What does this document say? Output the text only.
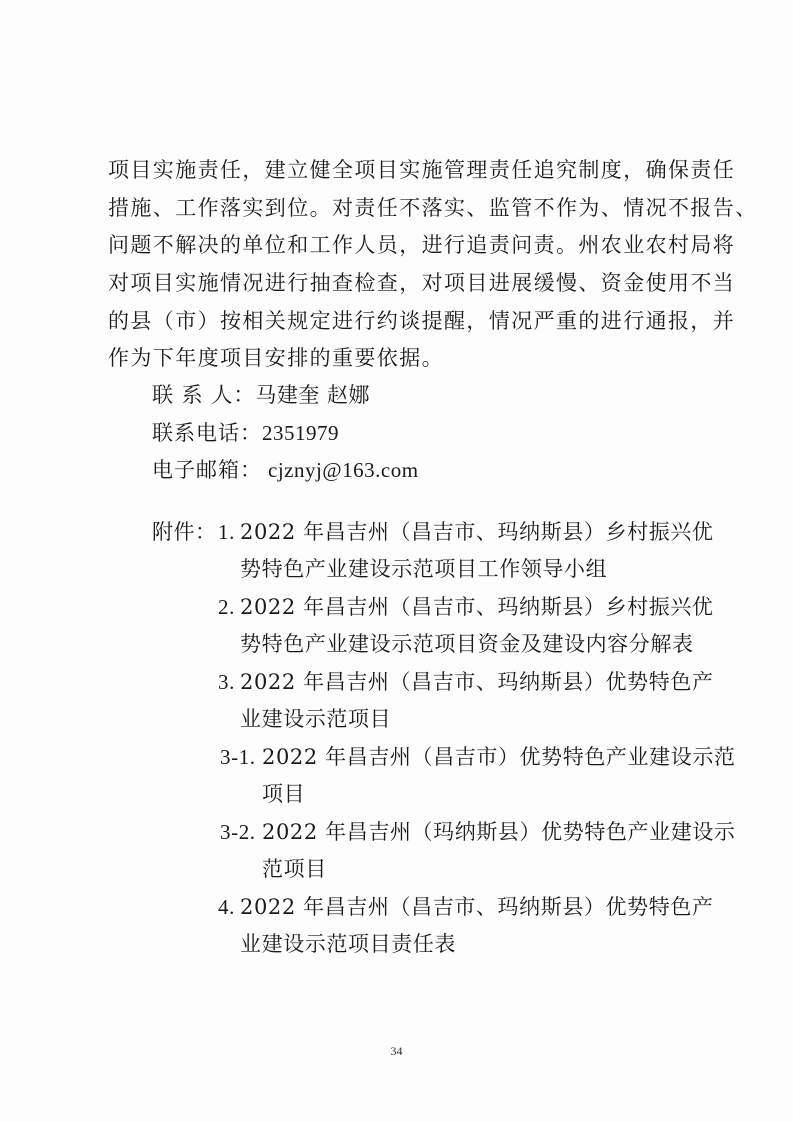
项目实施责任，建立健全项目实施管理责任追究制度，确保责任
措施、工作落实到位。对责任不落实、监管不作为、情况不报告、
问题不解决的单位和工作人员，进行追责问责。州农业农村局将
对项目实施情况进行抽查检查，对项目进展缓慢、资金使用不当
的县（市）按相关规定进行约谈提醒，情况严重的进行通报，并
作为下年度项目安排的重要依据。
联 系 人：马建奎 赵娜
联系电话：2351979
电子邮箱： cjznyj@163.com
附件： 1. 2022 年昌吉州（昌吉市、玛纳斯县）乡村振兴优
势特色产业建设示范项目工作领导小组
2. 2022 年昌吉州（昌吉市、玛纳斯县）乡村振兴优
势特色产业建设示范项目资金及建设内容分解表
3. 2022 年昌吉州（昌吉市、玛纳斯县）优势特色产
业建设示范项目
3-1. 2022 年昌吉州（昌吉市）优势特色产业建设示范
项目
3-2. 2022 年昌吉州（玛纳斯县）优势特色产业建设示
范项目
4. 2022 年昌吉州（昌吉市、玛纳斯县）优势特色产
业建设示范项目责任表
34
